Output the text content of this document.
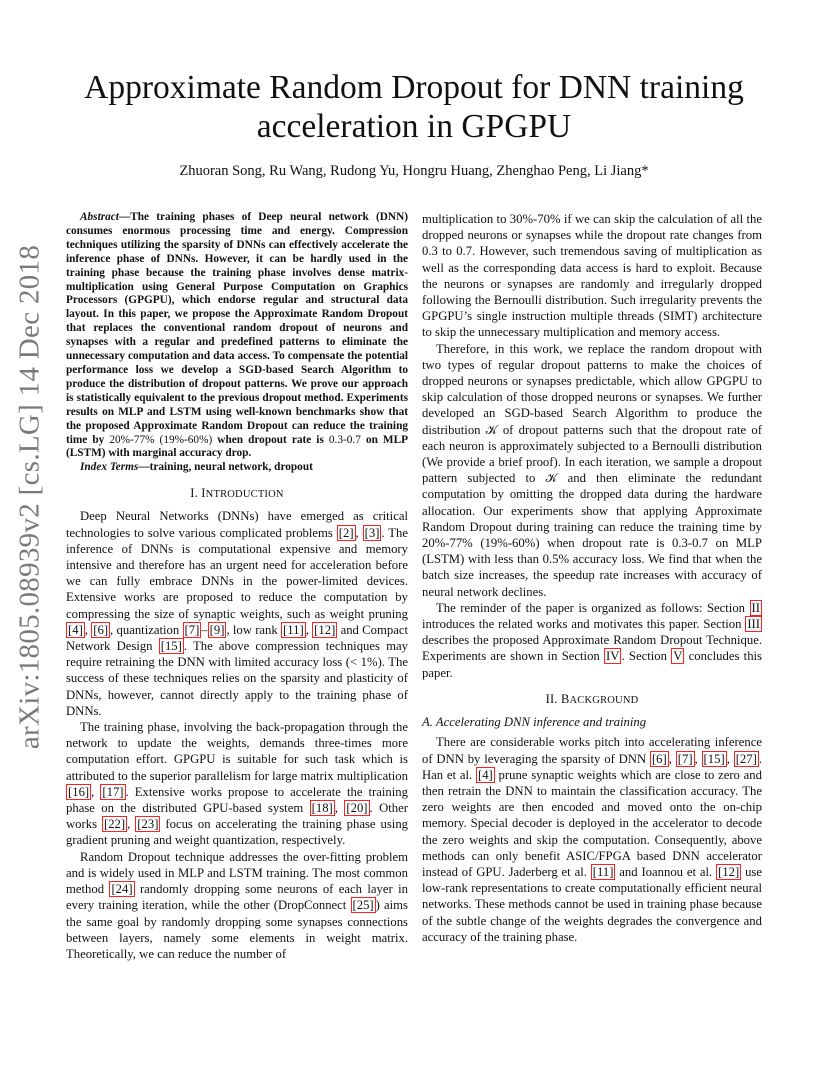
arXiv:1805.08939v2 [cs.LG] 14 Dec 2018
Approximate Random Dropout for DNN training
acceleration in GPGPU
Zhuoran Song, Ru Wang, Rudong Yu, Hongru Huang, Zhenghao Peng, Li Jiang*

Abstract—The training phases of Deep neural network (DNN) consumes enormous processing time and energy. Compression techniques utilizing the sparsity of DNNs can effectively accelerate the inference phase of DNNs. However, it can be hardly used in the training phase because the training phase involves dense matrix-multiplication using General Purpose Computation on Graphics Processors (GPGPU), which endorse regular and structural data layout. In this paper, we propose the Approximate Random Dropout that replaces the conventional random dropout of neurons and synapses with a regular and predefined patterns to eliminate the unnecessary computation and data access. To compensate the potential performance loss we develop a SGD-based Search Algorithm to produce the distribution of dropout patterns. We prove our approach is statistically equivalent to the previous dropout method. Experiments results on MLP and LSTM using well-known benchmarks show that the proposed Approximate Random Dropout can reduce the training time by 20%-77% (19%-60%) when dropout rate is 0.3-0.7 on MLP (LSTM) with marginal accuracy drop.

Index Terms—training, neural network, dropout

I. INTRODUCTION

Deep Neural Networks (DNNs) have emerged as critical technologies to solve various complicated problems [2] , [3] . The inference of DNNs is computational expensive and memory intensive and therefore has an urgent need for acceleration before we can fully embrace DNNs in the power-limited devices. Extensive works are proposed to reduce the computation by compressing the size of synaptic weights, such as weight pruning [4] , [6] , quantization [7] – [9] , low rank [11] , [12] and Compact Network Design [15] . The above compression techniques may require retraining the DNN with limited accuracy loss (< 1%). The success of these techniques relies on the sparsity and plasticity of DNNs, however, cannot directly apply to the training phase of DNNs.

The training phase, involving the back-propagation through the network to update the weights, demands three-times more computation effort. GPGPU is suitable for such task which is attributed to the superior parallelism for large matrix multiplication [16] , [17] . Extensive works propose to accelerate the training phase on the distributed GPU-based system [18] , [20] . Other works [22] , [23] focus on accelerating the training phase using gradient pruning and weight quantization, respectively.

Random Dropout technique addresses the over-fitting problem and is widely used in MLP and LSTM training. The most common method [24] randomly dropping some neurons of each layer in every training iteration, while the other (DropConnect [25] ) aims the same goal by randomly dropping some synapses connections between layers, namely some elements in weight matrix. Theoretically, we can reduce the number of

multiplication to 30%-70% if we can skip the calculation of all the dropped neurons or synapses while the dropout rate changes from 0.3 to 0.7. However, such tremendous saving of multiplication as well as the corresponding data access is hard to exploit. Because the neurons or synapses are randomly and irregularly dropped following the Bernoulli distribution. Such irregularity prevents the GPGPU’s single instruction multiple threads (SIMT) architecture to skip the unnecessary multiplication and memory access.

Therefore, in this work, we replace the random dropout with two types of regular dropout patterns to make the choices of dropped neurons or synapses predictable, which allow GPGPU to skip calculation of those dropped neurons or synapses. We further developed an SGD-based Search Algorithm to produce the distribution 𝒦 of dropout patterns such that the dropout rate of each neuron is approximately subjected to a Bernoulli distribution (We provide a brief proof). In each iteration, we sample a dropout pattern subjected to 𝒦 and then eliminate the redundant computation by omitting the dropped data during the hardware allocation. Our experiments show that applying Approximate Random Dropout during training can reduce the training time by 20%-77% (19%-60%) when dropout rate is 0.3-0.7 on MLP (LSTM) with less than 0.5% accuracy loss. We find that when the batch size increases, the speedup rate increases with accuracy of neural network declines.

The reminder of the paper is organized as follows: Section II introduces the related works and motivates this paper. Section III describes the proposed Approximate Random Dropout Technique. Experiments are shown in Section IV . Section V concludes this paper.

II. BACKGROUND
A. Accelerating DNN inference and training

There are considerable works pitch into accelerating inference of DNN by leveraging the sparsity of DNN [6] , [7] , [15] , [27] . Han et al. [4] prune synaptic weights which are close to zero and then retrain the DNN to maintain the classification accuracy. The zero weights are then encoded and moved onto the on-chip memory. Special decoder is deployed in the accelerator to decode the zero weights and skip the computation. Consequently, above methods can only benefit ASIC/FPGA based DNN accelerator instead of GPU. Jaderberg et al. [11] and Ioannou et al. [12] use low-rank representations to create computationally efficient neural networks. These methods cannot be used in training phase because of the subtle change of the weights degrades the convergence and accuracy of the training phase.
